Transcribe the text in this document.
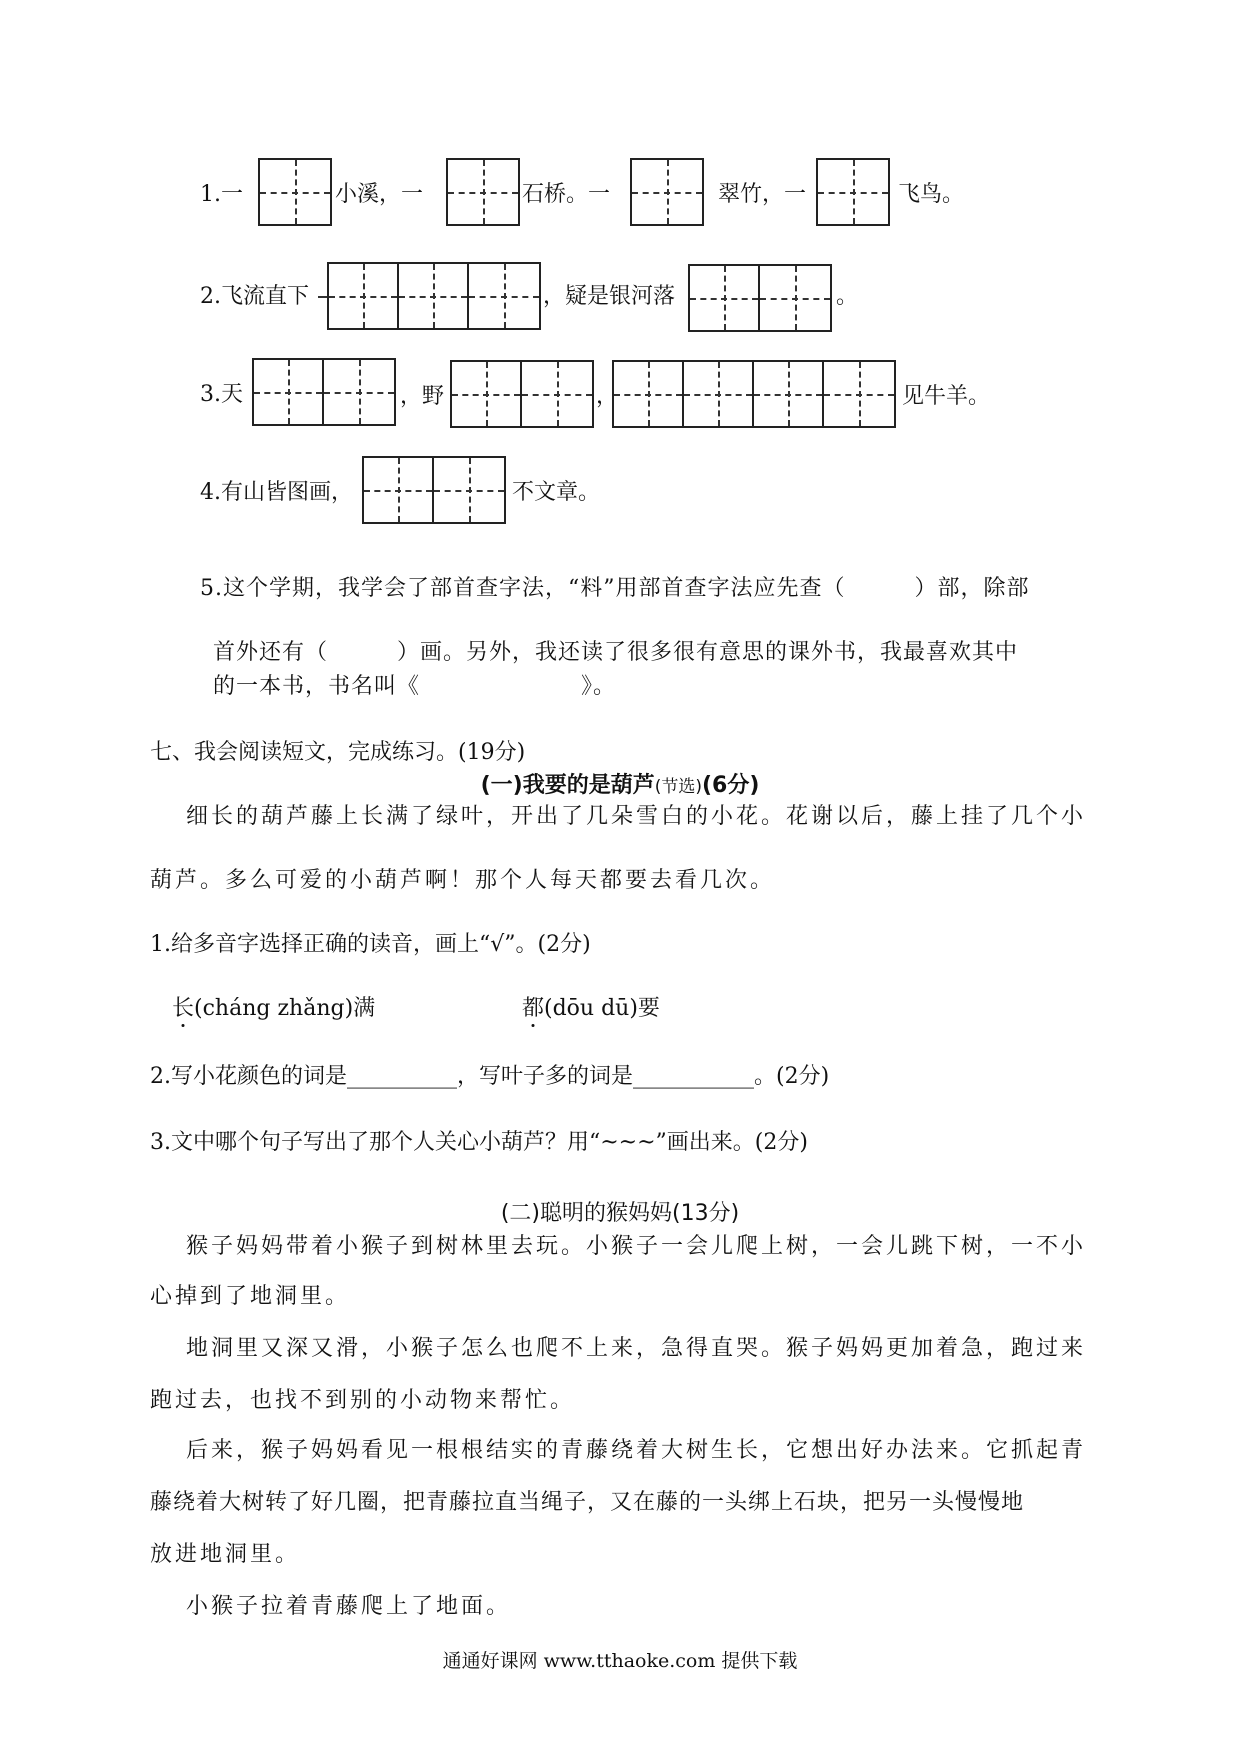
1.一	小溪，一	石桥。一	翠竹，一	飞鸟。
2.飞流直下	，疑是银河落	。
3.天	，野	，	见牛羊。
4.有山皆图画，	不文章。
5.这个学期，我学会了部首查字法，“料”用部首查字法应先查（　　　）部，除部
首外还有（　　　）画。另外，我还读了很多很有意思的课外书，我最喜欢其中
的一本书，书名叫《　　　　　　　》。
七、我会阅读短文，完成练习。(19分)
(一)我要的是葫芦(节选)(6分)
细长的葫芦藤上长满了绿叶，开出了几朵雪白的小花。花谢以后，藤上挂了几个小
葫芦。多么可爱的小葫芦啊！那个人每天都要去看几次。
1.给多音字选择正确的读音，画上“√”。(2分)
长(cháng zhǎng)满	都(dōu dū)要
2.写小花颜色的词是__________，写叶子多的词是___________。(2分)
3.文中哪个句子写出了那个人关心小葫芦？用“~~~”画出来。(2分)
(二)聪明的猴妈妈(13分)
猴子妈妈带着小猴子到树林里去玩。小猴子一会儿爬上树，一会儿跳下树，一不小
心掉到了地洞里。
地洞里又深又滑，小猴子怎么也爬不上来，急得直哭。猴子妈妈更加着急，跑过来
跑过去，也找不到别的小动物来帮忙。
后来，猴子妈妈看见一根根结实的青藤绕着大树生长，它想出好办法来。它抓起青
藤绕着大树转了好几圈，把青藤拉直当绳子，又在藤的一头绑上石块，把另一头慢慢地
放进地洞里。
小猴子拉着青藤爬上了地面。
通通好课网 www.tthaoke.com 提供下载
